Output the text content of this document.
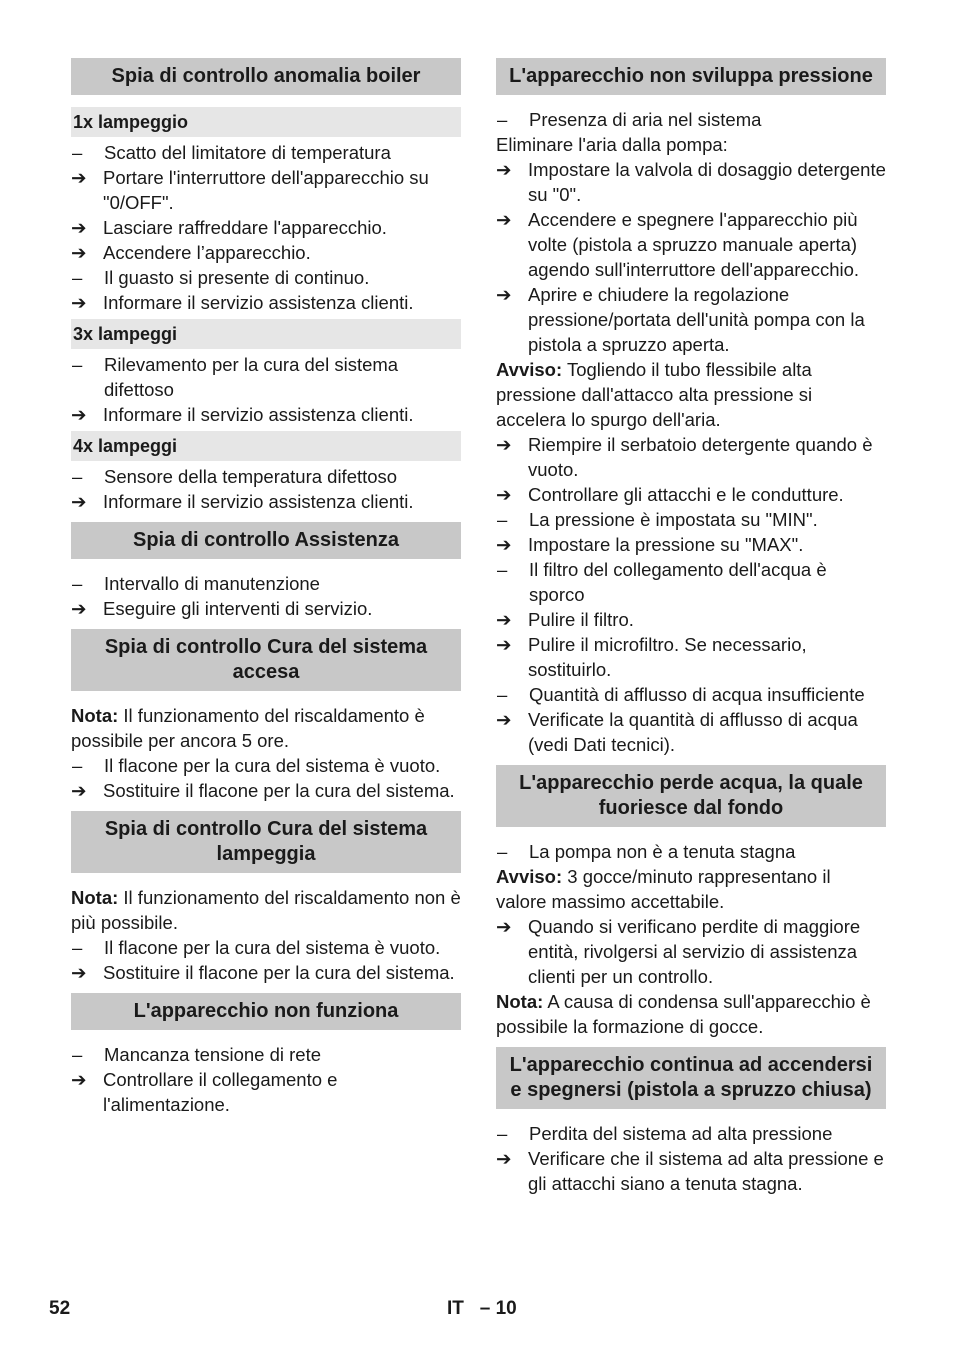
Spia di controllo anomalia boiler
1x lampeggio
–	Scatto del limitatore di temperatura
➔ Portare l'interruttore dell'apparecchio su "0/OFF".
➔ Lasciare raffreddare l'apparecchio.
➔ Accendere l’apparecchio.
–	Il guasto si presente di continuo.
➔ Informare il servizio assistenza clienti.
3x lampeggi
–	Rilevamento per la cura del sistema difettoso
➔ Informare il servizio assistenza clienti.
4x lampeggi
–	Sensore della temperatura difettoso
➔ Informare il servizio assistenza clienti.
Spia di controllo Assistenza
–	Intervallo di manutenzione
➔ Eseguire gli interventi di servizio.
Spia di controllo Cura del sistema accesa
Nota: Il funzionamento del riscaldamento è possibile per ancora 5 ore.
–	Il flacone per la cura del sistema è vuoto.
➔ Sostituire il flacone per la cura del sistema.
Spia di controllo Cura del sistema lampeggia
Nota: Il funzionamento del riscaldamento non è più possibile.
–	Il flacone per la cura del sistema è vuoto.
➔ Sostituire il flacone per la cura del sistema.
L'apparecchio non funziona
–	Mancanza tensione di rete
➔ Controllare il collegamento e l'alimentazione.
L'apparecchio non sviluppa pressione
–	Presenza di aria nel sistema
Eliminare l'aria dalla pompa:
➔ Impostare la valvola di dosaggio detergente su "0".
➔ Accendere e spegnere l'apparecchio più volte (pistola a spruzzo manuale aperta) agendo sull'interruttore dell'apparecchio.
➔ Aprire e chiudere la regolazione pressione/portata dell'unità pompa con la pistola a spruzzo aperta.
Avviso: Togliendo il tubo flessibile alta pressione dall'attacco alta pressione si accelera lo spurgo dell'aria.
➔ Riempire il serbatoio detergente quando è vuoto.
➔ Controllare gli attacchi e le condutture.
–	La pressione è impostata su "MIN".
➔ Impostare la pressione su "MAX".
–	Il filtro del collegamento dell'acqua è sporco
➔ Pulire il filtro.
➔ Pulire il microfiltro. Se necessario, sostituirlo.
–	Quantità di afflusso di acqua insufficiente
➔ Verificate la quantità di afflusso di acqua (vedi Dati tecnici).
L'apparecchio perde acqua, la quale fuoriesce dal fondo
–	La pompa non è a tenuta stagna
Avviso: 3 gocce/minuto rappresentano il valore massimo accettabile.
➔ Quando si verificano perdite di maggiore entità, rivolgersi al servizio di assistenza clienti per un controllo.
Nota: A causa di condensa sull'apparecchio è possibile la formazione di gocce.
L'apparecchio continua ad accendersi e spegnersi (pistola a spruzzo chiusa)
–	Perdita del sistema ad alta pressione
➔ Verificare che il sistema ad alta pressione e gli attacchi siano a tenuta stagna.
52	IT   – 10
